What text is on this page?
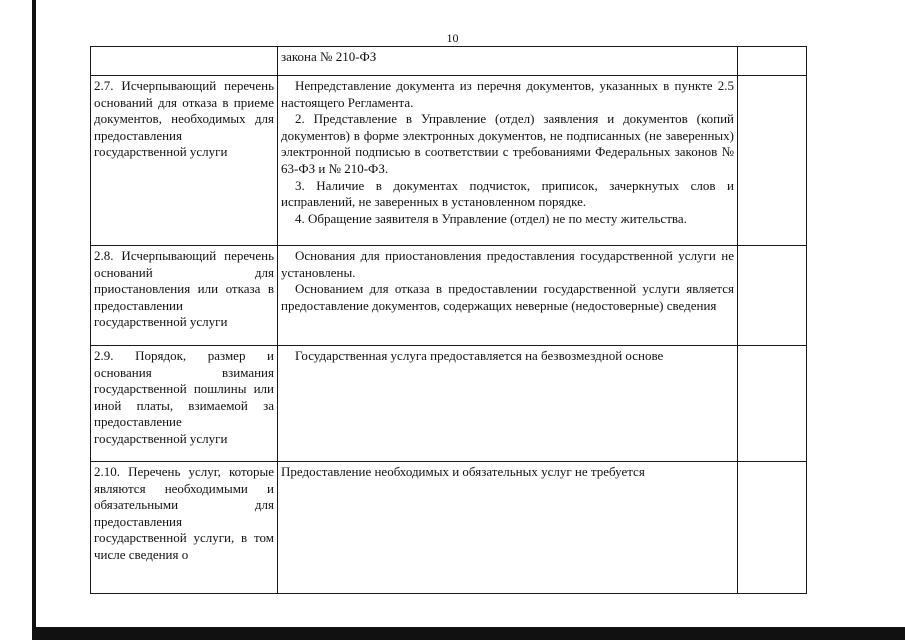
10

	закона № 210-ФЗ	

2.7. Исчерпывающий перечень оснований для отказа в приеме документов, необходимых для предоставления государственной услуги	Непредставление документа из перечня документов, указанных в пункте 2.5 настоящего Регламента.

2. Представление в Управление (отдел) заявления и документов (копий документов) в форме электронных документов, не подписанных (не заверенных) электронной подписью в соответствии с требованиями Федеральных законов № 63-ФЗ и № 210-ФЗ.

3. Наличие в документах подчисток, приписок, зачеркнутых слов и исправлений, не заверенных в установленном порядке.

4. Обращение заявителя в Управление (отдел) не по месту жительства.	

2.8. Исчерпывающий перечень оснований для приостановления или отказа в предоставлении государственной услуги	Основания для приостановления предоставления государственной услуги не установлены.

Основанием для отказа в предоставлении государственной услуги является предоставление документов, содержащих неверные (недостоверные) сведения	

2.9. Порядок, размер и основания взимания государственной пошлины или иной платы, взимаемой за предоставление государственной услуги	Государственная услуга предоставляется на безвозмездной основе	

2.10. Перечень услуг, которые являются необходимыми и обязательными для предоставления государственной услуги, в том числе сведения о	Предоставление необходимых и обязательных услуг не требуется	
